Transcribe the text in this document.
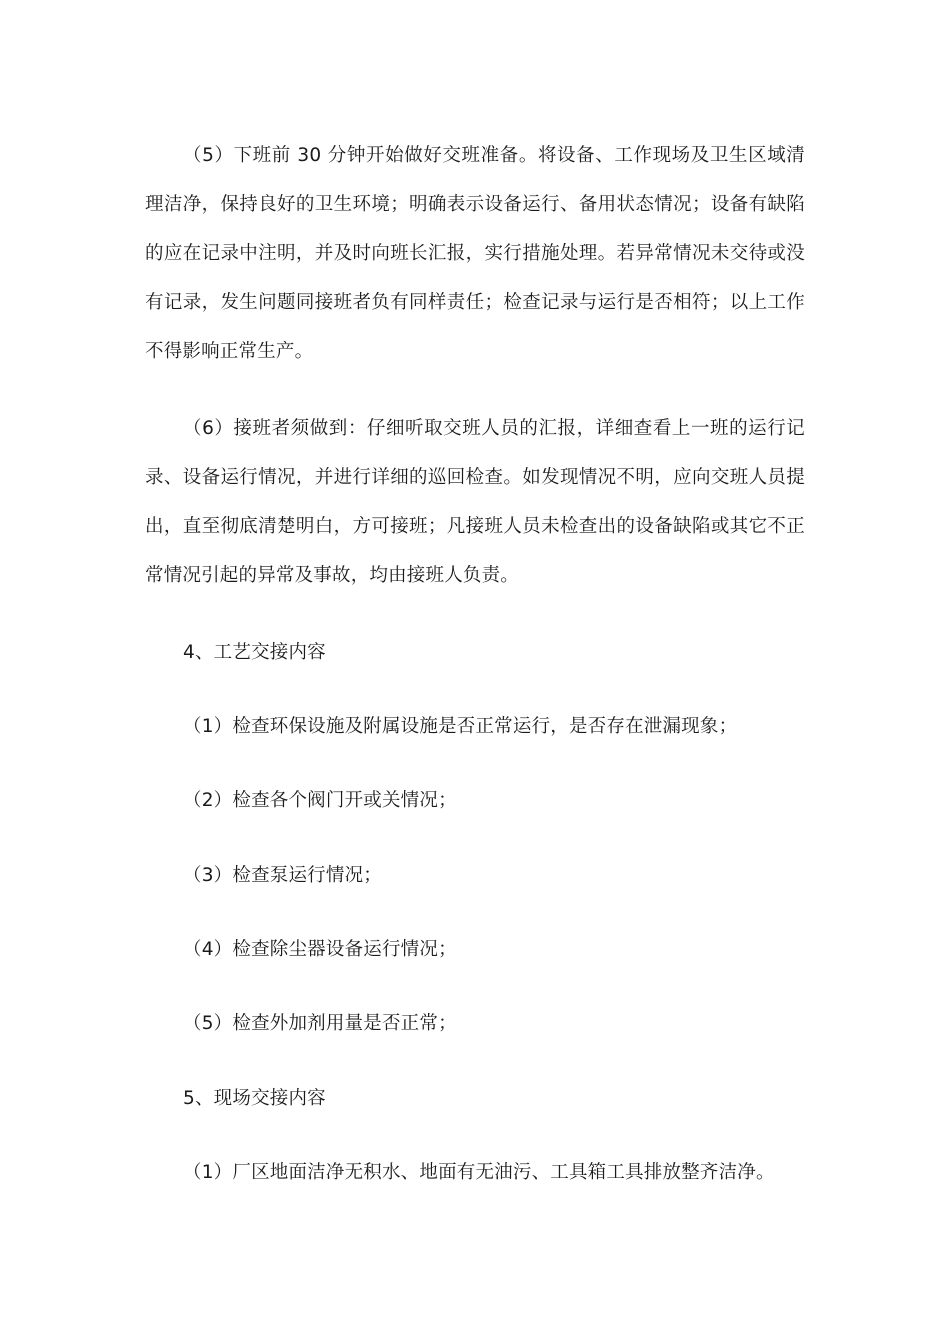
（5）下班前 30 分钟开始做好交班准备。将设备、工作现场及卫生区域清理洁净，保持良好的卫生环境；明确表示设备运行、备用状态情况；设备有缺陷的应在记录中注明，并及时向班长汇报，实行措施处理。若异常情况未交待或没有记录，发生问题同接班者负有同样责任；检查记录与运行是否相符；以上工作不得影响正常生产。

（6）接班者须做到：仔细听取交班人员的汇报，详细查看上一班的运行记录、设备运行情况，并进行详细的巡回检查。如发现情况不明，应向交班人员提出，直至彻底清楚明白，方可接班；凡接班人员未检查出的设备缺陷或其它不正常情况引起的异常及事故，均由接班人负责。

4、工艺交接内容

（1）检查环保设施及附属设施是否正常运行，是否存在泄漏现象；

（2）检查各个阀门开或关情况；

（3）检查泵运行情况；

（4）检查除尘器设备运行情况；

（5）检查外加剂用量是否正常；

5、现场交接内容

（1）厂区地面洁净无积水、地面有无油污、工具箱工具排放整齐洁净。
